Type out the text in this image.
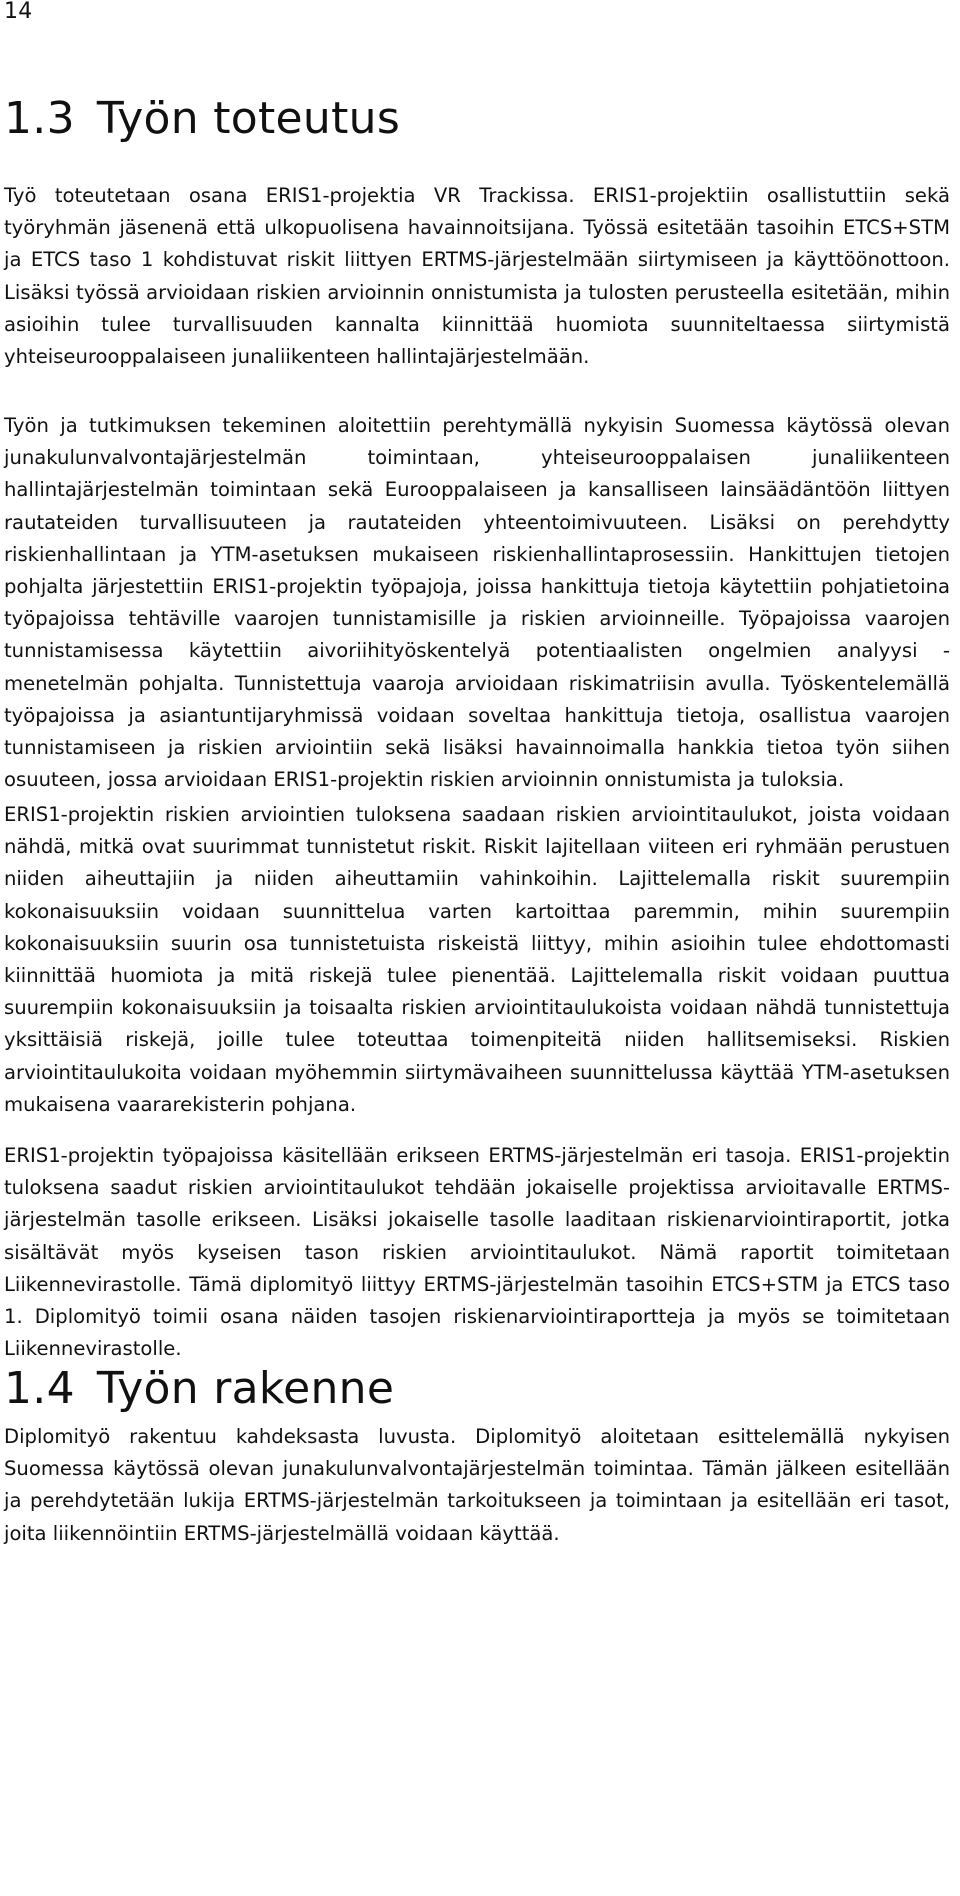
14

1.3 Työn toteutus

Työ toteutetaan osana ERIS1-projektia VR Trackissa. ERIS1-projektiin osallistuttiin sekä työryhmän jäsenenä että ulkopuolisena havainnoitsijana. Työssä esitetään tasoihin ETCS+STM ja ETCS taso 1 kohdistuvat riskit liittyen ERTMS-järjestelmään siirtymiseen ja käyttöönottoon. Lisäksi työssä arvioidaan riskien arvioinnin onnistumista ja tulosten perusteella esitetään, mihin asioihin tulee turvallisuuden kannalta kiinnittää huomiota suunniteltaessa siirtymistä yhteiseurooppalaiseen junaliikenteen hallintajärjestelmään.

Työn ja tutkimuksen tekeminen aloitettiin perehtymällä nykyisin Suomessa käytössä olevan junakulunvalvontajärjestelmän toimintaan, yhteiseurooppalaisen junaliikenteen hallintajärjestelmän toimintaan sekä Eurooppalaiseen ja kansalliseen lainsäädäntöön liittyen rautateiden turvallisuuteen ja rautateiden yhteentoimivuuteen. Lisäksi on perehdytty riskienhallintaan ja YTM-asetuksen mukaiseen riskienhallintaprosessiin. Hankittujen tietojen pohjalta järjestettiin ERIS1-projektin työpajoja, joissa hankittuja tietoja käytettiin pohjatietoina työpajoissa tehtäville vaarojen tunnistamisille ja riskien arvioinneille. Työpajoissa vaarojen tunnistamisessa käytettiin aivoriihityöskentelyä potentiaalisten ongelmien analyysi -menetelmän pohjalta. Tunnistettuja vaaroja arvioidaan riskimatriisin avulla. Työskentelemällä työpajoissa ja asiantuntijaryhmissä voidaan soveltaa hankittuja tietoja, osallistua vaarojen tunnistamiseen ja riskien arviointiin sekä lisäksi havainnoimalla hankkia tietoa työn siihen osuuteen, jossa arvioidaan ERIS1-projektin riskien arvioinnin onnistumista ja tuloksia.

ERIS1-projektin riskien arviointien tuloksena saadaan riskien arviointitaulukot, joista voidaan nähdä, mitkä ovat suurimmat tunnistetut riskit. Riskit lajitellaan viiteen eri ryhmään perustuen niiden aiheuttajiin ja niiden aiheuttamiin vahinkoihin. Lajittelemalla riskit suurempiin kokonaisuuksiin voidaan suunnittelua varten kartoittaa paremmin, mihin suurempiin kokonaisuuksiin suurin osa tunnistetuista riskeistä liittyy, mihin asioihin tulee ehdottomasti kiinnittää huomiota ja mitä riskejä tulee pienentää. Lajittelemalla riskit voidaan puuttua suurempiin kokonaisuuksiin ja toisaalta riskien arviointitaulukoista voidaan nähdä tunnistettuja yksittäisiä riskejä, joille tulee toteuttaa toimenpiteitä niiden hallitsemiseksi. Riskien arviointitaulukoita voidaan myöhemmin siirtymävaiheen suunnittelussa käyttää YTM-asetuksen mukaisena vaararekisterin pohjana.

ERIS1-projektin työpajoissa käsitellään erikseen ERTMS-järjestelmän eri tasoja. ERIS1-projektin tuloksena saadut riskien arviointitaulukot tehdään jokaiselle projektissa arvioitavalle ERTMS-järjestelmän tasolle erikseen. Lisäksi jokaiselle tasolle laaditaan riskienarviointiraportit, jotka sisältävät myös kyseisen tason riskien arviointitaulukot. Nämä raportit toimitetaan Liikennevirastolle. Tämä diplomityö liittyy ERTMS-järjestelmän tasoihin ETCS+STM ja ETCS taso 1. Diplomityö toimii osana näiden tasojen riskienarviointiraportteja ja myös se toimitetaan Liikennevirastolle.

1.4 Työn rakenne

Diplomityö rakentuu kahdeksasta luvusta. Diplomityö aloitetaan esittelemällä nykyisen Suomessa käytössä olevan junakulunvalvontajärjestelmän toimintaa. Tämän jälkeen esitellään ja perehdytetään lukija ERTMS-järjestelmän tarkoitukseen ja toimintaan ja esitellään eri tasot, joita liikennöintiin ERTMS-järjestelmällä voidaan käyttää.
